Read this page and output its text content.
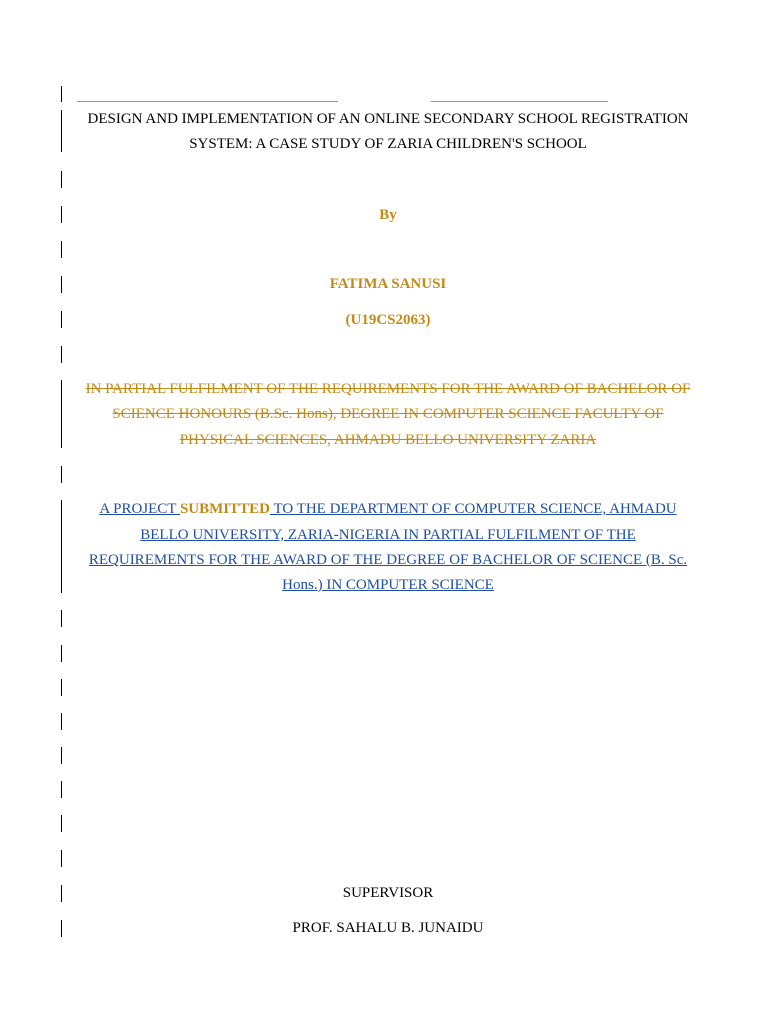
DESIGN AND IMPLEMENTATION OF AN ONLINE SECONDARY SCHOOL REGISTRATION
SYSTEM: A CASE STUDY OF ZARIA CHILDREN'S SCHOOL
By
FATIMA SANUSI
(U19CS2063)
IN PARTIAL FULFILMENT OF THE REQUIREMENTS FOR THE AWARD OF BACHELOR OF
SCIENCE HONOURS (B.Sc. Hons), DEGREE IN COMPUTER SCIENCE FACULTY OF
PHYSICAL SCIENCES, AHMADU BELLO UNIVERSITY ZARIA
A PROJECT SUBMITTED TO THE DEPARTMENT OF COMPUTER SCIENCE, AHMADU
BELLO UNIVERSITY, ZARIA-NIGERIA IN PARTIAL FULFILMENT OF THE
REQUIREMENTS FOR THE AWARD OF THE DEGREE OF BACHELOR OF SCIENCE (B. Sc.
Hons.) IN COMPUTER SCIENCE
SUPERVISOR
PROF. SAHALU B. JUNAIDU
